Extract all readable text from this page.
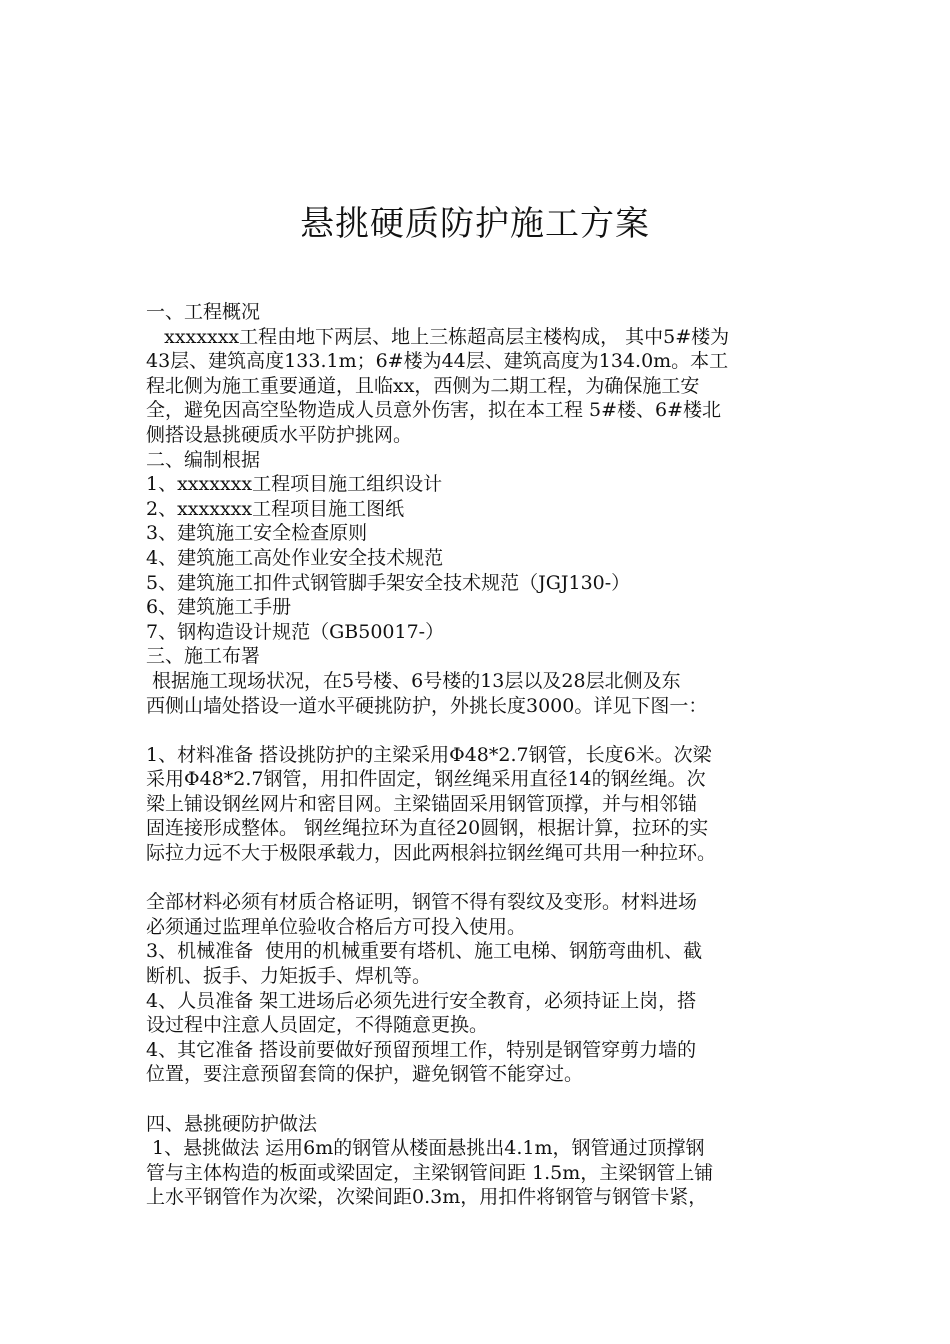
悬挑硬质防护施工方案
一、工程概况
xxxxxxx工程由地下两层、地上三栋超高层主楼构成， 其中5#楼为
43层、建筑高度133.1m；6#楼为44层、建筑高度为134.0m。本工
程北侧为施工重要通道，且临xx，西侧为二期工程，为确保施工安
全，避免因高空坠物造成人员意外伤害，拟在本工程 5#楼、6#楼北
侧搭设悬挑硬质水平防护挑网。
二、编制根据
1、xxxxxxx工程项目施工组织设计
2、xxxxxxx工程项目施工图纸
3、建筑施工安全检查原则
4、建筑施工高处作业安全技术规范
5、建筑施工扣件式钢管脚手架安全技术规范（JGJ130-）
6、建筑施工手册
7、钢构造设计规范（GB50017-）
三、施工布署
根据施工现场状况，在5号楼、6号楼的13层以及28层北侧及东
西侧山墙处搭设一道水平硬挑防护，外挑长度3000。详见下图一：
1、材料准备 搭设挑防护的主梁采用Φ48*2.7钢管，长度6米。次梁
采用Φ48*2.7钢管，用扣件固定，钢丝绳采用直径14的钢丝绳。次
梁上铺设钢丝网片和密目网。主梁锚固采用钢管顶撑，并与相邻锚
固连接形成整体。 钢丝绳拉环为直径20圆钢，根据计算，拉环的实
际拉力远不大于极限承载力，因此两根斜拉钢丝绳可共用一种拉环。
全部材料必须有材质合格证明，钢管不得有裂纹及变形。材料进场
必须通过监理单位验收合格后方可投入使用。
3、机械准备  使用的机械重要有塔机、施工电梯、钢筋弯曲机、截
断机、扳手、力矩扳手、焊机等。
4、人员准备 架工进场后必须先进行安全教育，必须持证上岗，搭
设过程中注意人员固定，不得随意更换。
4、其它准备 搭设前要做好预留预埋工作，特别是钢管穿剪力墙的
位置，要注意预留套筒的保护，避免钢管不能穿过。
四、悬挑硬防护做法
1、悬挑做法 运用6m的钢管从楼面悬挑出4.1m，钢管通过顶撑钢
管与主体构造的板面或梁固定，主梁钢管间距 1.5m，主梁钢管上铺
上水平钢管作为次梁，次梁间距0.3m，用扣件将钢管与钢管卡紧，
